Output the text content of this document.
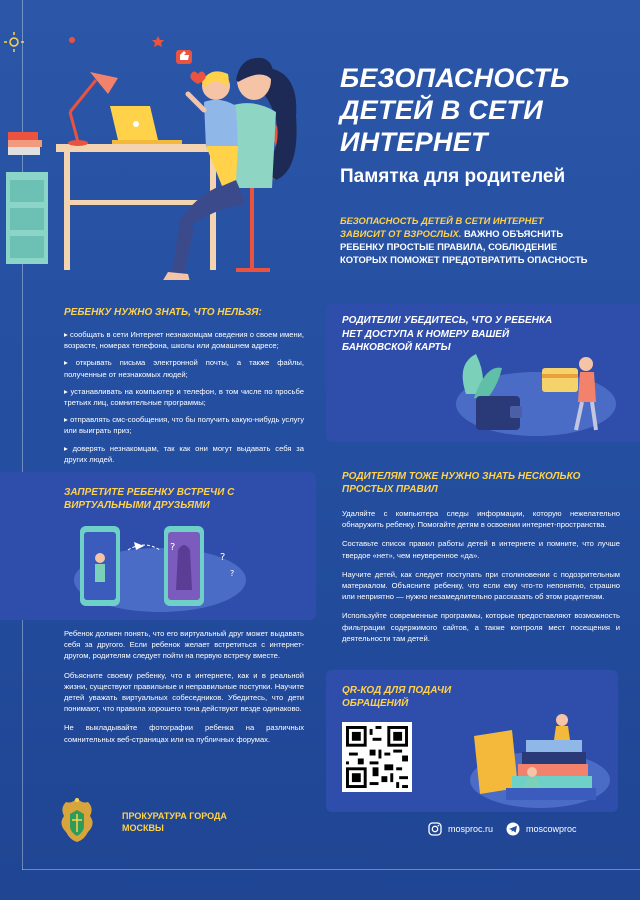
БЕЗОПАСНОСТЬ ДЕТЕЙ В СЕТИ ИНТЕРНЕТ
Памятка для родителей
БЕЗОПАСНОСТЬ ДЕТЕЙ В СЕТИ ИНТЕРНЕТ ЗАВИСИТ ОТ ВЗРОСЛЫХ. ВАЖНО ОБЪЯСНИТЬ РЕБЕНКУ ПРОСТЫЕ ПРАВИЛА, СОБЛЮДЕНИЕ КОТОРЫХ ПОМОЖЕТ ПРЕДОТВРАТИТЬ ОПАСНОСТЬ
РЕБЕНКУ НУЖНО ЗНАТЬ, ЧТО НЕЛЬЗЯ:
▸ сообщать в сети Интернет незнакомцам сведения о своем имени, возрасте, номерах телефона, школы или домашнем адресе;
▸ открывать письма электронной почты, а также файлы, полученные от незнакомых людей;
▸ устанавливать на компьютер и телефон, в том числе по просьбе третьих лиц, сомнительные программы;
▸ отправлять смс-сообщения, что бы получить какую-нибудь услугу или выиграть приз;
▸ доверять незнакомцам, так как они могут выдавать себя за других людей.
РОДИТЕЛИ! УБЕДИТЕСЬ, ЧТО У РЕБЕНКА НЕТ ДОСТУПА К НОМЕРУ ВАШЕЙ БАНКОВСКОЙ КАРТЫ
ЗАПРЕТИТЕ РЕБЕНКУ ВСТРЕЧИ С ВИРТУАЛЬНЫМИ ДРУЗЬЯМИ
?
?
?
РОДИТЕЛЯМ ТОЖЕ НУЖНО ЗНАТЬ НЕСКОЛЬКО ПРОСТЫХ ПРАВИЛ

Удаляйте с компьютера следы информации, которую нежелательно обнаружить ребенку. Помогайте детям в освоении интернет-пространства.

Составьте список правил работы детей в интернете и помните, что лучше твердое «нет», чем неуверенное «да».

Научите детей, как следует поступать при столкновении с подозрительным материалом. Объясните ребенку, что если ему что-то непонятно, страшно или неприятно — нужно незамедлительно рассказать об этом родителям.

Используйте современные программы, которые предоставляют возможность фильтрации содержимого сайтов, а также контроля мест посещения и деятельности там детей.

Ребенок должен понять, что его виртуальный друг может выдавать себя за другого. Если ребенок желает встретиться с интернет-другом, родителям следует пойти на первую встречу вместе.

Объясните своему ребенку, что в интернете, как и в реальной жизни, существуют правильные и неправильные поступки. Научите детей уважать виртуальных собеседников. Убедитесь, что дети понимают, что правила хорошего тона действуют везде одинаково.

Не выкладывайте фотографии ребенка на различных сомнительных веб-страницах или на публичных форумах.

QR-КОД ДЛЯ ПОДАЧИ ОБРАЩЕНИЙ
ПРОКУРАТУРА ГОРОДА МОСКВЫ	mosproc.ru	moscowproc
